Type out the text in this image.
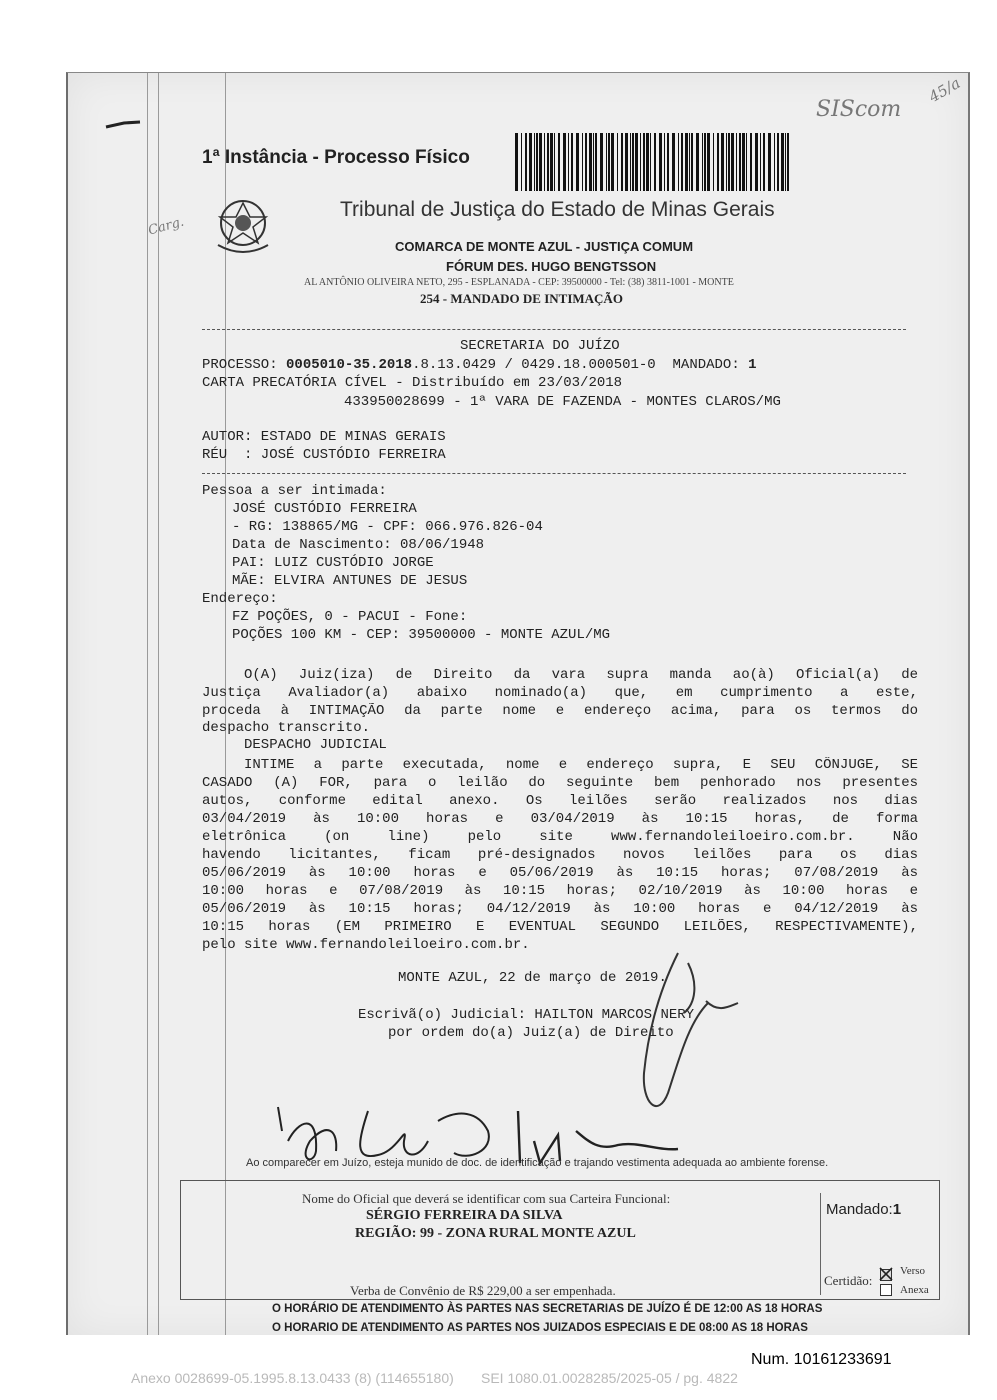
1ª Instância - Processo Físico
SIScom
45/a
Carg.
Tribunal de Justiça do Estado de Minas Gerais
COMARCA DE MONTE AZUL - JUSTIÇA COMUM
FÓRUM DES. HUGO BENGTSSON
AL ANTÔNIO OLIVEIRA NETO, 295 - ESPLANADA - CEP: 39500000 - Tel: (38) 3811-1001 - MONTE
254 - MANDADO DE INTIMAÇÃO
SECRETARIA DO JUÍZO
PROCESSO: 0005010-35.2018.8.13.0429 / 0429.18.000501-0 MANDADO: 1
CARTA PRECATÓRIA CÍVEL - Distribuído em 23/03/2018
433950028699 - 1ª VARA DE FAZENDA - MONTES CLAROS/MG
AUTOR: ESTADO DE MINAS GERAIS
RÉU  : JOSÉ CUSTÓDIO FERREIRA
Pessoa a ser intimada:
JOSÉ CUSTÓDIO FERREIRA
- RG: 138865/MG - CPF: 066.976.826-04
Data de Nascimento: 08/06/1948
PAI: LUIZ CUSTÓDIO JORGE
MÃE: ELVIRA ANTUNES DE JESUS
Endereço:
FZ POÇÕES, 0 - PACUI - Fone:
POÇÕES 100 KM - CEP: 39500000 - MONTE AZUL/MG
O(A) Juiz(iza) de Direito da vara supra manda ao(à) Oficial(a) de
Justiça Avaliador(a) abaixo nominado(a) que, em cumprimento a este,
proceda à INTIMAÇÃO da parte nome e endereço acima, para os termos do
despacho transcrito.
DESPACHO JUDICIAL
INTIME a parte executada, nome e endereço supra, E SEU CÔNJUGE, SE
CASADO (A) FOR, para o leilão do seguinte bem penhorado nos presentes
autos, conforme edital anexo. Os leilões serão realizados nos dias
03/04/2019 às 10:00 horas e 03/04/2019 às 10:15 horas, de forma
eletrônica (on line) pelo site www.fernandoleiloeiro.com.br. Não
havendo licitantes, ficam pré-designados novos leilões para os dias
05/06/2019 às 10:00 horas e 05/06/2019 às 10:15 horas; 07/08/2019 às
10:00 horas e 07/08/2019 às 10:15 horas; 02/10/2019 às 10:00 horas e
05/06/2019 às 10:15 horas; 04/12/2019 às 10:00 horas e 04/12/2019 às
10:15 horas (EM PRIMEIRO E EVENTUAL SEGUNDO LEILÕES, RESPECTIVAMENTE),
pelo site www.fernandoleiloeiro.com.br.
MONTE AZUL, 22 de março de 2019.
Escrivã(o) Judicial: HAILTON MARCOS NERY
por ordem do(a) Juiz(a) de Direito
Ao comparecer em Juízo, esteja munido de doc. de identificação e trajando vestimenta adequada ao ambiente forense.
Nome do Oficial que deverá se identificar com sua Carteira Funcional:
SÉRGIO FERREIRA DA SILVA
REGIÃO: 99 - ZONA RURAL MONTE AZUL
Mandado:1
Verba de Convênio de R$ 229,00 a ser empenhada.
Certidão:
Verso
Anexa
O HORÁRIO DE ATENDIMENTO ÀS PARTES NAS SECRETARIAS DE JUÍZO É DE 12:00 AS 18 HORAS
O HORÁRIO DE ATENDIMENTO ÀS PARTES NOS JUIZADOS ESPECIAIS É DE 08:00 AS 18 HORAS
Num. 10161233691
Anexo 0028699-05.1995.8.13.0433 (8) (114655180)       SEI 1080.01.0028285/2025-05 / pg. 4822
